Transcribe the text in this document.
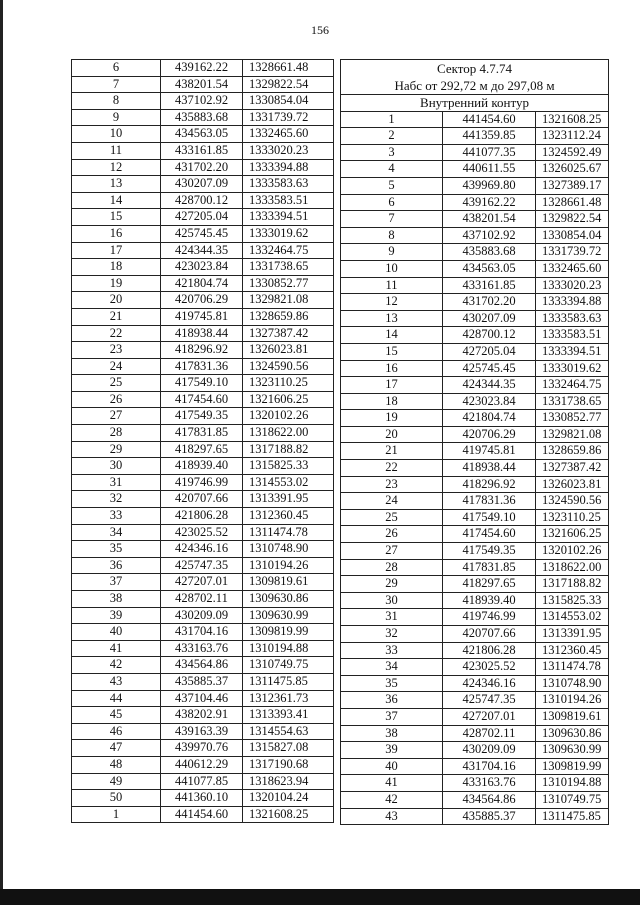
156
6	439162.22	1328661.48
7	438201.54	1329822.54
8	437102.92	1330854.04
9	435883.68	1331739.72
10	434563.05	1332465.60
11	433161.85	1333020.23
12	431702.20	1333394.88
13	430207.09	1333583.63
14	428700.12	1333583.51
15	427205.04	1333394.51
16	425745.45	1333019.62
17	424344.35	1332464.75
18	423023.84	1331738.65
19	421804.74	1330852.77
20	420706.29	1329821.08
21	419745.81	1328659.86
22	418938.44	1327387.42
23	418296.92	1326023.81
24	417831.36	1324590.56
25	417549.10	1323110.25
26	417454.60	1321606.25
27	417549.35	1320102.26
28	417831.85	1318622.00
29	418297.65	1317188.82
30	418939.40	1315825.33
31	419746.99	1314553.02
32	420707.66	1313391.95
33	421806.28	1312360.45
34	423025.52	1311474.78
35	424346.16	1310748.90
36	425747.35	1310194.26
37	427207.01	1309819.61
38	428702.11	1309630.86
39	430209.09	1309630.99
40	431704.16	1309819.99
41	433163.76	1310194.88
42	434564.86	1310749.75
43	435885.37	1311475.85
44	437104.46	1312361.73
45	438202.91	1313393.41
46	439163.39	1314554.63
47	439970.76	1315827.08
48	440612.29	1317190.68
49	441077.85	1318623.94
50	441360.10	1320104.24
1	441454.60	1321608.25
Сектор 4.7.74		
Набс от 292,72 м до 297,08 м		
Внутренний контур		
1	441454.60	1321608.25
2	441359.85	1323112.24
3	441077.35	1324592.49
4	440611.55	1326025.67
5	439969.80	1327389.17
6	439162.22	1328661.48
7	438201.54	1329822.54
8	437102.92	1330854.04
9	435883.68	1331739.72
10	434563.05	1332465.60
11	433161.85	1333020.23
12	431702.20	1333394.88
13	430207.09	1333583.63
14	428700.12	1333583.51
15	427205.04	1333394.51
16	425745.45	1333019.62
17	424344.35	1332464.75
18	423023.84	1331738.65
19	421804.74	1330852.77
20	420706.29	1329821.08
21	419745.81	1328659.86
22	418938.44	1327387.42
23	418296.92	1326023.81
24	417831.36	1324590.56
25	417549.10	1323110.25
26	417454.60	1321606.25
27	417549.35	1320102.26
28	417831.85	1318622.00
29	418297.65	1317188.82
30	418939.40	1315825.33
31	419746.99	1314553.02
32	420707.66	1313391.95
33	421806.28	1312360.45
34	423025.52	1311474.78
35	424346.16	1310748.90
36	425747.35	1310194.26
37	427207.01	1309819.61
38	428702.11	1309630.86
39	430209.09	1309630.99
40	431704.16	1309819.99
41	433163.76	1310194.88
42	434564.86	1310749.75
43	435885.37	1311475.85
